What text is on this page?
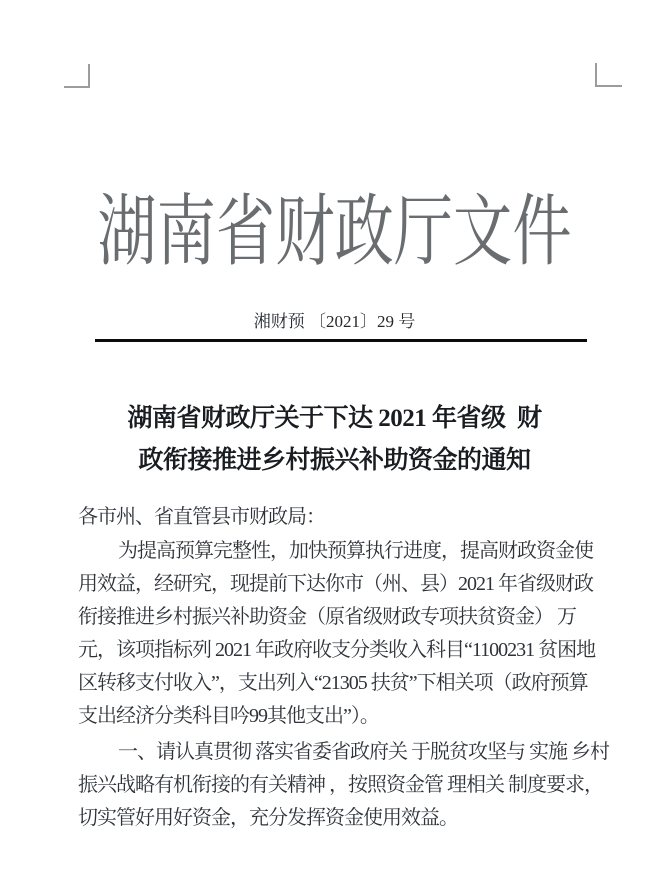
湖南省财政厅文件
湘财预 〔2021〕29 号
湖南省财政厅关于下达 2021 年省级  财
政衔接推进乡村振兴补助资金的通知
各市州、省直管县市财政局：
为提高预算完整性，加快预算执行进度，提高财政资金使
用效益，经研究，现提前下达你市（州、县）2021 年省级财政
衔接推进乡村振兴补助资金（原省级财政专项扶贫资金） 万
元，该项指标列 2021 年政府收支分类收入科目“1100231 贫困地
区转移支付收入”，支出列入“21305 扶贫”下相关项（政府预算
支出经济分类科目吟99其他支出”）。
一、请认真贯彻 落实省委省政府关 于脱贫攻坚与 实施 乡村
振兴战略有机衔接的有关精神 ，按照资金管 理相关 制度要求，
切实管好用好资金，充分发挥资金使用效益。
